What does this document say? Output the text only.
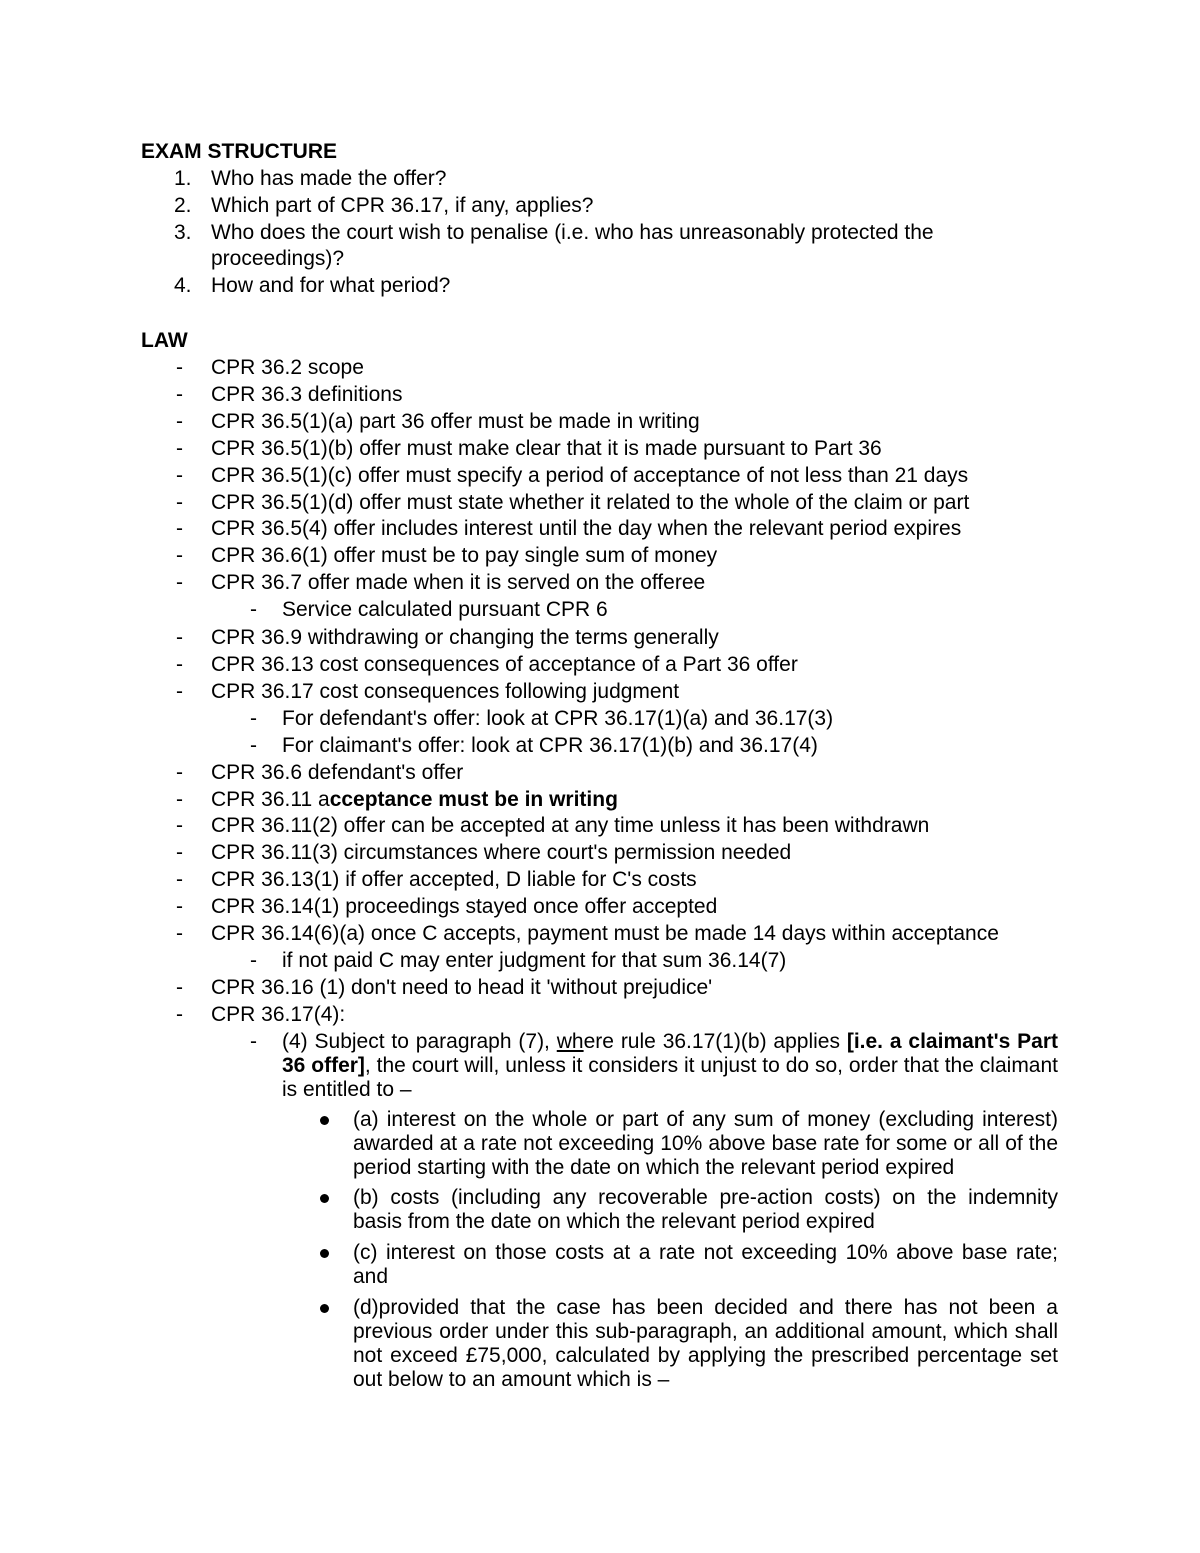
EXAM STRUCTURE
1. Who has made the offer?
2. Which part of CPR 36.17, if any, applies?
3. Who does the court wish to penalise (i.e. who has unreasonably protected the
proceedings)?
4. How and for what period?
LAW
- CPR 36.2 scope
- CPR 36.3 definitions
- CPR 36.5(1)(a) part 36 offer must be made in writing
- CPR 36.5(1)(b) offer must make clear that it is made pursuant to Part 36
- CPR 36.5(1)(c) offer must specify a period of acceptance of not less than 21 days
- CPR 36.5(1)(d) offer must state whether it related to the whole of the claim or part
- CPR 36.5(4) offer includes interest until the day when the relevant period expires
- CPR 36.6(1) offer must be to pay single sum of money
- CPR 36.7 offer made when it is served on the offeree
- Service calculated pursuant CPR 6
- CPR 36.9 withdrawing or changing the terms generally
- CPR 36.13 cost consequences of acceptance of a Part 36 offer
- CPR 36.17 cost consequences following judgment
- For defendant's offer: look at CPR 36.17(1)(a) and 36.17(3)
- For claimant's offer: look at CPR 36.17(1)(b) and 36.17(4)
- CPR 36.6 defendant's offer
- CPR 36.11 acceptance must be in writing
- CPR 36.11(2) offer can be accepted at any time unless it has been withdrawn
- CPR 36.11(3) circumstances where court's permission needed
- CPR 36.13(1) if offer accepted, D liable for C's costs
- CPR 36.14(1) proceedings stayed once offer accepted
- CPR 36.14(6)(a) once C accepts, payment must be made 14 days within acceptance
- if not paid C may enter judgment for that sum 36.14(7)
- CPR 36.16 (1) don't need to head it 'without prejudice'
- CPR 36.17(4):
- (4) Subject to paragraph (7), where rule 36.17(1)(b) applies [i.e. a claimant's Part 36 offer], the court will, unless it considers it unjust to do so, order that the claimant is entitled to –
(a) interest on the whole or part of any sum of money (excluding interest) awarded at a rate not exceeding 10% above base rate for some or all of the period starting with the date on which the relevant period expired
(b) costs (including any recoverable pre-action costs) on the indemnity basis from the date on which the relevant period expired
(c) interest on those costs at a rate not exceeding 10% above base rate; and
(d)provided that the case has been decided and there has not been a previous order under this sub-paragraph, an additional amount, which shall not exceed £75,000, calculated by applying the prescribed percentage set out below to an amount which is –
